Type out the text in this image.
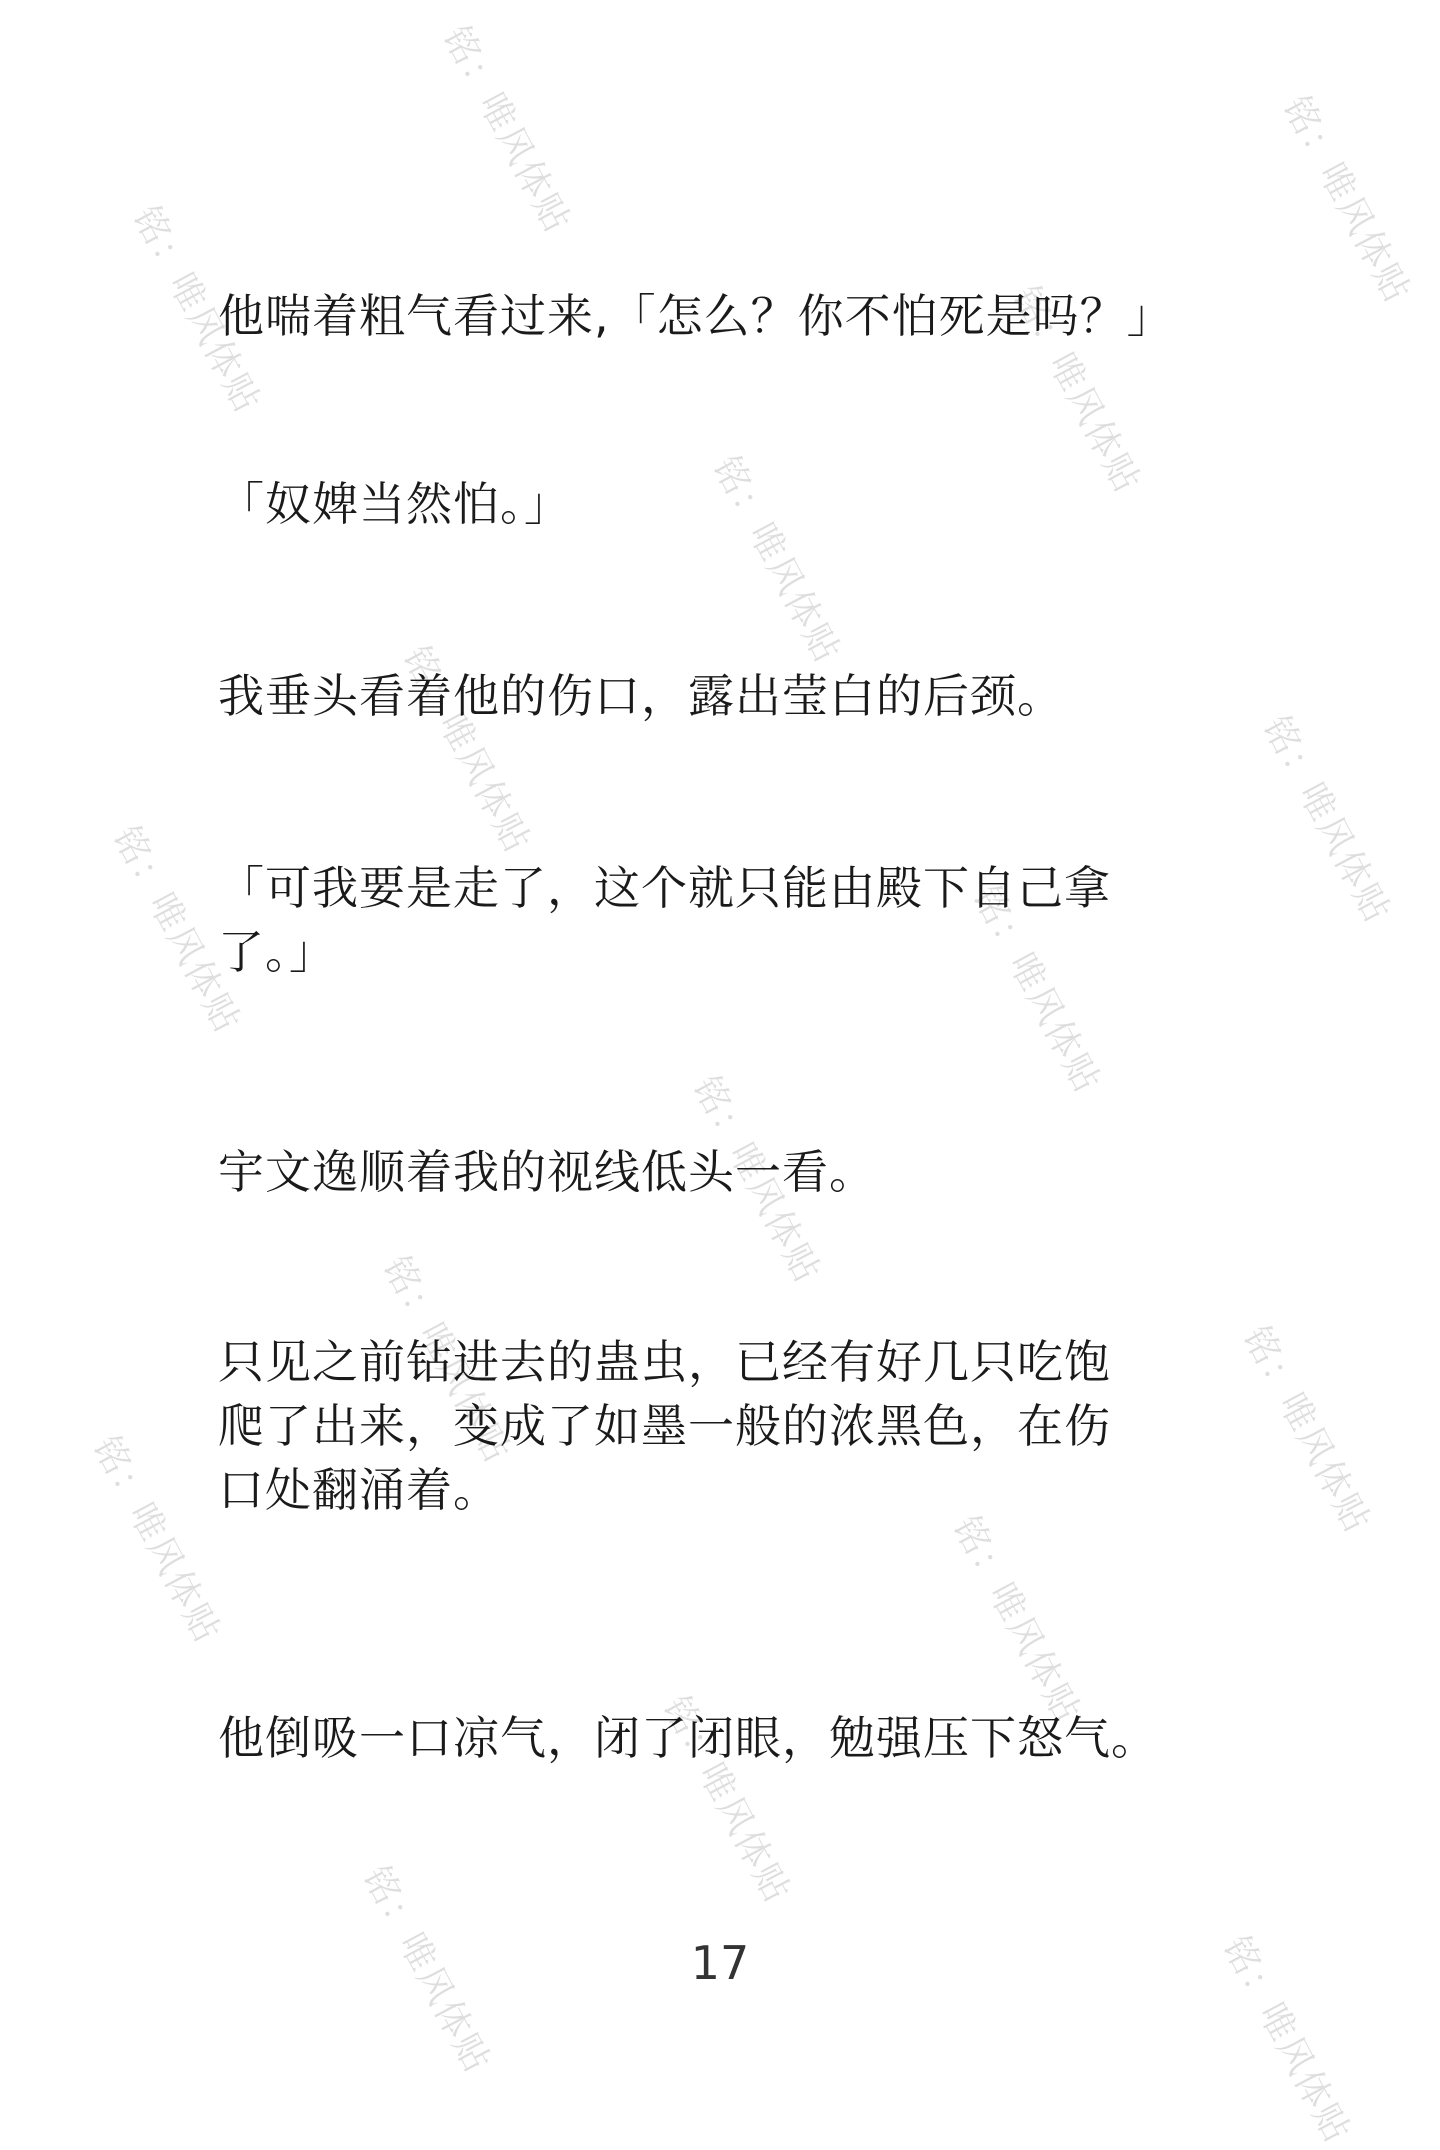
他喘着粗气看过来,「怎么？你不怕死是吗？」

「奴婢当然怕。」

我垂头看着他的伤口，露出莹白的后颈。

「可我要是走了，这个就只能由殿下自己拿
了。」

宇文逸顺着我的视线低头一看。

只见之前钻进去的蛊虫，已经有好几只吃饱
爬了出来，变成了如墨一般的浓黑色，在伤
口处翻涌着。

他倒吸一口凉气，闭了闭眼，勉强压下怒气。

17
铭：唯风体贴	铭：唯风体贴
铭：唯风体贴	铭：唯风体贴
铭：唯风体贴
铭：唯风体贴	铭：唯风体贴
铭：唯风体贴	铭：唯风体贴
铭：唯风体贴
铭：唯风体贴	铭：唯风体贴
铭：唯风体贴	铭：唯风体贴
铭：唯风体贴
铭：唯风体贴	铭：唯风体贴
